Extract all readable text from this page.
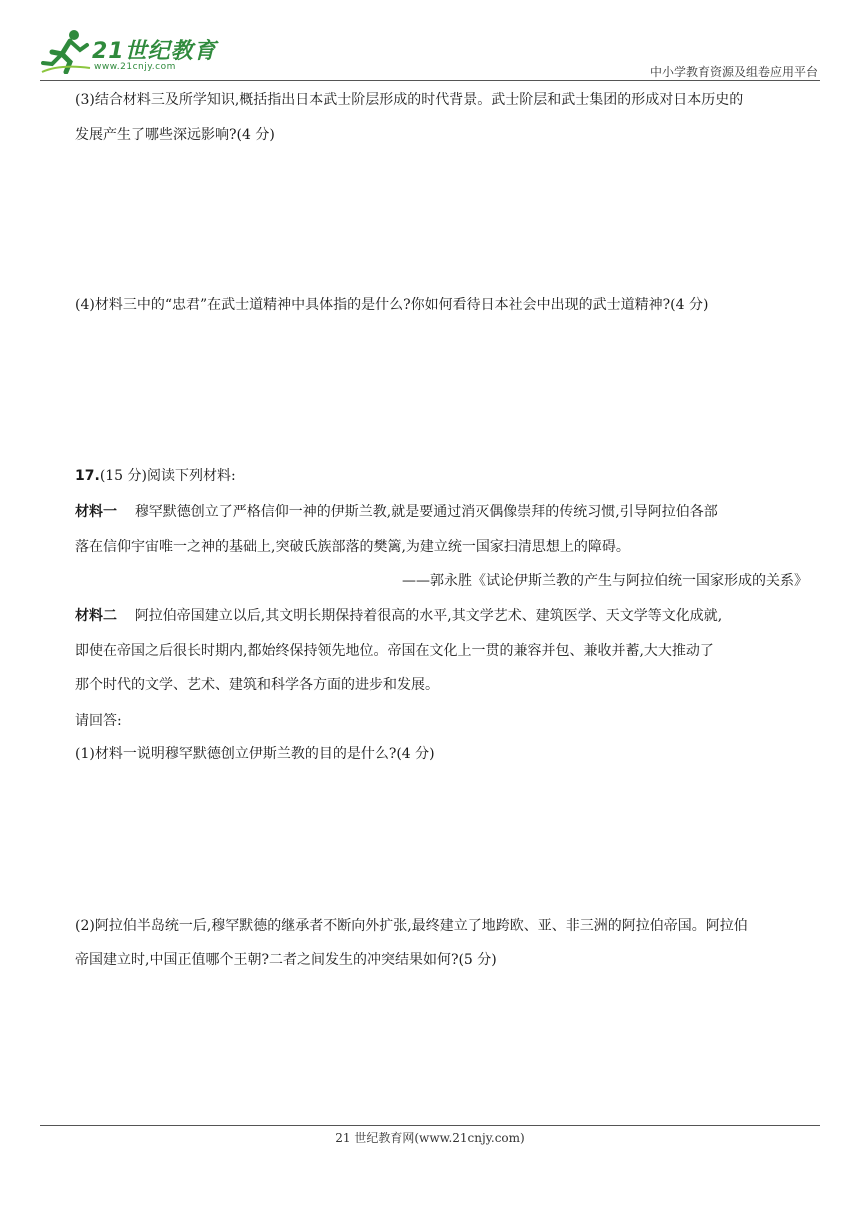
21世纪教育
www.21cnjy.com	中小学教育资源及组卷应用平台
(3)结合材料三及所学知识,概括指出日本武士阶层形成的时代背景。武士阶层和武士集团的形成对日本历史的
发展产生了哪些深远影响?(4 分)
(4)材料三中的“忠君”在武士道精神中具体指的是什么?你如何看待日本社会中出现的武士道精神?(4 分)
17.(15 分)阅读下列材料:
材料一 穆罕默德创立了严格信仰一神的伊斯兰教,就是要通过消灭偶像崇拜的传统习惯,引导阿拉伯各部
落在信仰宇宙唯一之神的基础上,突破氏族部落的樊篱,为建立统一国家扫清思想上的障碍。
——郭永胜《试论伊斯兰教的产生与阿拉伯统一国家形成的关系》
材料二 阿拉伯帝国建立以后,其文明长期保持着很高的水平,其文学艺术、建筑医学、天文学等文化成就,
即使在帝国之后很长时期内,都始终保持领先地位。帝国在文化上一贯的兼容并包、兼收并蓄,大大推动了
那个时代的文学、艺术、建筑和科学各方面的进步和发展。
请回答:
(1)材料一说明穆罕默德创立伊斯兰教的目的是什么?(4 分)
(2)阿拉伯半岛统一后,穆罕默德的继承者不断向外扩张,最终建立了地跨欧、亚、非三洲的阿拉伯帝国。阿拉伯
帝国建立时,中国正值哪个王朝?二者之间发生的冲突结果如何?(5 分)
21 世纪教育网(www.21cnjy.com)
